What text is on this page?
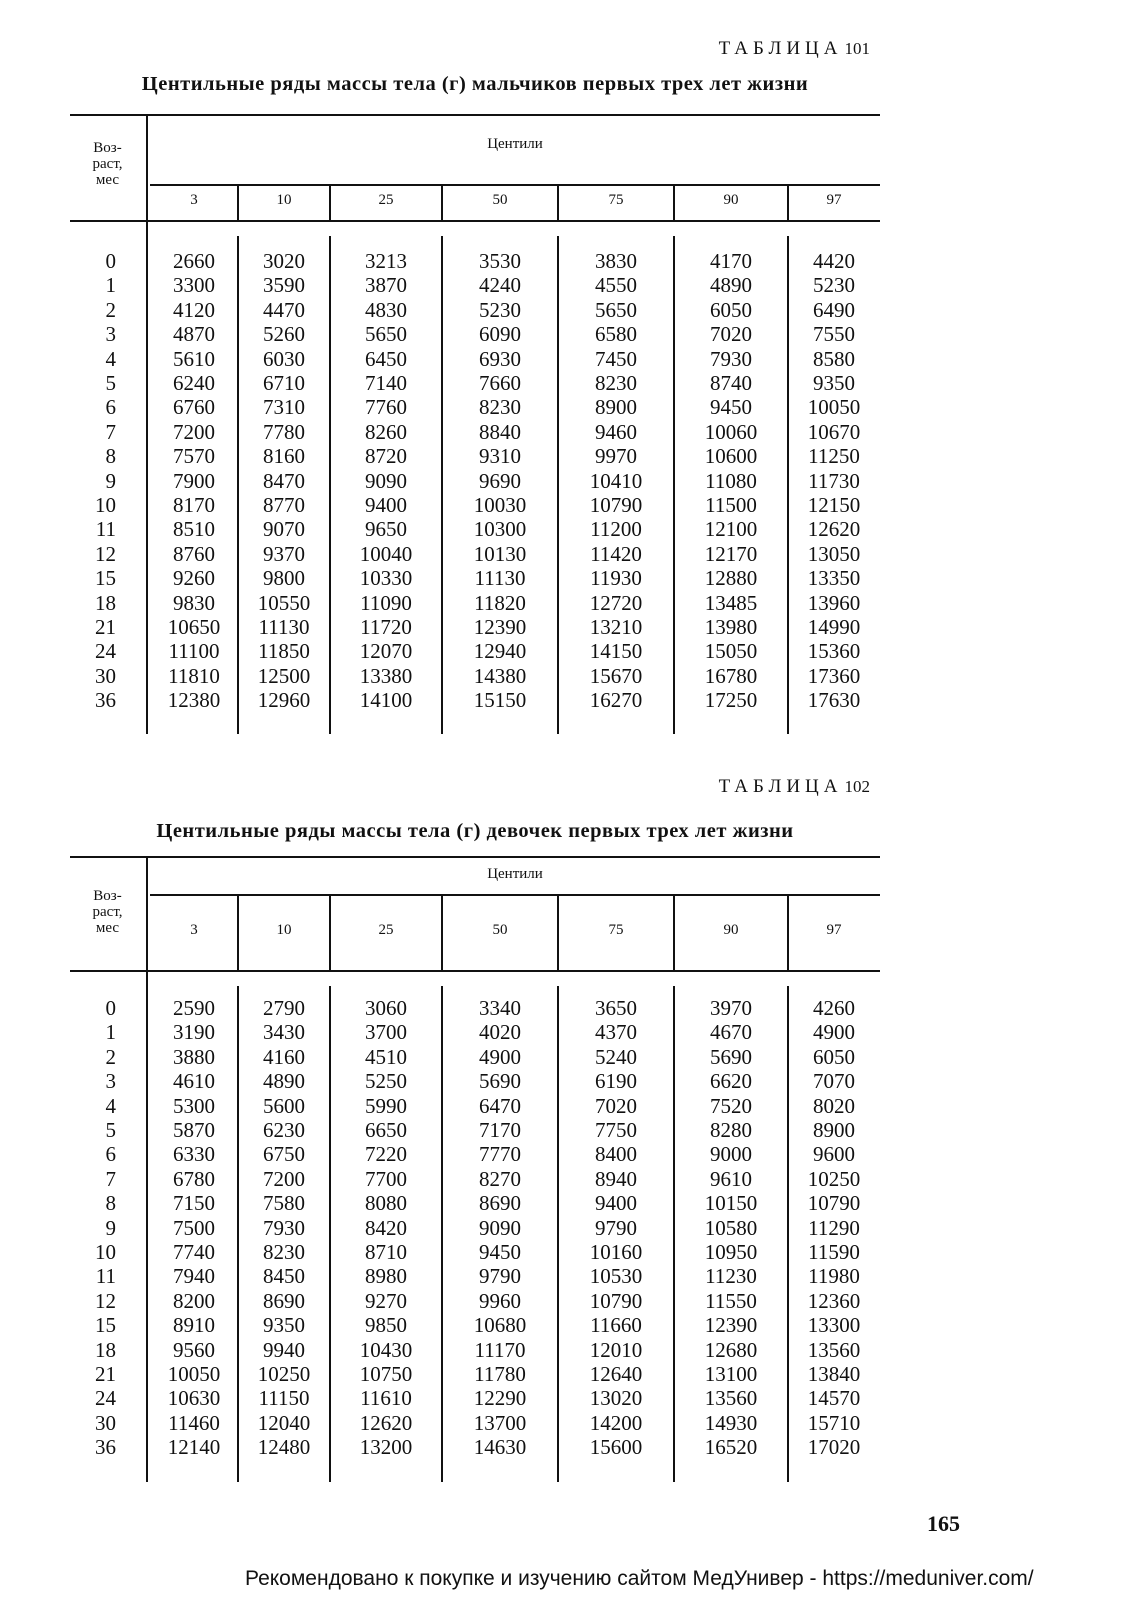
ТАБЛИЦА 101
Центильные ряды массы тела (г) мальчиков первых трех лет жизни
Воз-
раст,
мес
Центили
3	10	25	50	75	90	97
0	2660	3020	3213	3530	3830	4170	4420
1	3300	3590	3870	4240	4550	4890	5230
2	4120	4470	4830	5230	5650	6050	6490
3	4870	5260	5650	6090	6580	7020	7550
4	5610	6030	6450	6930	7450	7930	8580
5	6240	6710	7140	7660	8230	8740	9350
6	6760	7310	7760	8230	8900	9450	10050
7	7200	7780	8260	8840	9460	10060	10670
8	7570	8160	8720	9310	9970	10600	11250
9	7900	8470	9090	9690	10410	11080	11730
10	8170	8770	9400	10030	10790	11500	12150
11	8510	9070	9650	10300	11200	12100	12620
12	8760	9370	10040	10130	11420	12170	13050
15	9260	9800	10330	11130	11930	12880	13350
18	9830	10550	11090	11820	12720	13485	13960
21	10650	11130	11720	12390	13210	13980	14990
24	11100	11850	12070	12940	14150	15050	15360
30	11810	12500	13380	14380	15670	16780	17360
36	12380	12960	14100	15150	16270	17250	17630
ТАБЛИЦА 102
Центильные ряды массы тела (г) девочек первых трех лет жизни
Воз-
раст,
мес
Центили
3	10	25	50	75	90	97
0	2590	2790	3060	3340	3650	3970	4260
1	3190	3430	3700	4020	4370	4670	4900
2	3880	4160	4510	4900	5240	5690	6050
3	4610	4890	5250	5690	6190	6620	7070
4	5300	5600	5990	6470	7020	7520	8020
5	5870	6230	6650	7170	7750	8280	8900
6	6330	6750	7220	7770	8400	9000	9600
7	6780	7200	7700	8270	8940	9610	10250
8	7150	7580	8080	8690	9400	10150	10790
9	7500	7930	8420	9090	9790	10580	11290
10	7740	8230	8710	9450	10160	10950	11590
11	7940	8450	8980	9790	10530	11230	11980
12	8200	8690	9270	9960	10790	11550	12360
15	8910	9350	9850	10680	11660	12390	13300
18	9560	9940	10430	11170	12010	12680	13560
21	10050	10250	10750	11780	12640	13100	13840
24	10630	11150	11610	12290	13020	13560	14570
30	11460	12040	12620	13700	14200	14930	15710
36	12140	12480	13200	14630	15600	16520	17020
165
Рекомендовано к покупке и изучению сайтом МедУнивер - https://meduniver.com/
